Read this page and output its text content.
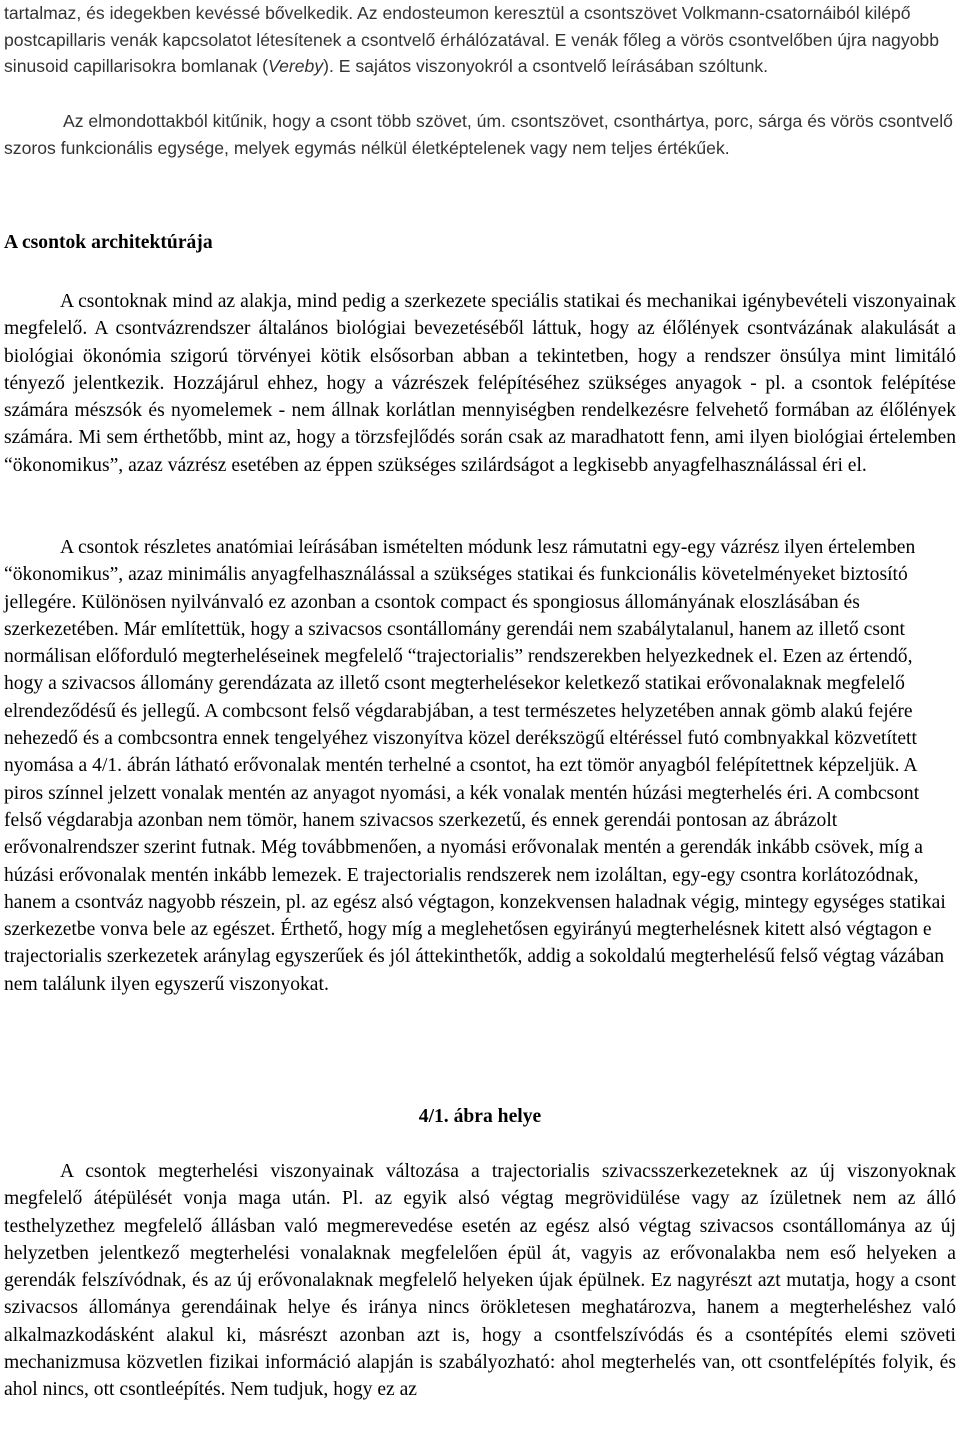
tartalmaz, és idegekben kevéssé bővelkedik. Az endosteumon keresztül a csontszövet Volkmann-csatornáiból kilépő postcapillaris venák kapcsolatot létesítenek a csontvelő érhálózatával. E venák főleg a vörös csontvelőben újra nagyobb sinusoid capillarisokra bomlanak (Vereby). E sajátos viszonyokról a csontvelő leírásában szóltunk.

Az elmondottakból kitűnik, hogy a csont több szövet, úm. csontszövet, csonthártya, porc, sárga és vörös csontvelő szoros funkcionális egysége, melyek egymás nélkül életképtelenek vagy nem teljes értékűek.

A csontok architektúrája

A csontoknak mind az alakja, mind pedig a szerkezete speciális statikai és mechanikai igénybevételi viszonyainak megfelelő. A csontvázrendszer általános biológiai bevezetéséből láttuk, hogy az élőlények csontvázának alakulását a biológiai ökonómia szigorú törvényei kötik elsősorban abban a tekintetben, hogy a rendszer önsúlya mint limitáló tényező jelentkezik. Hozzájárul ehhez, hogy a vázrészek felépítéséhez szükséges anyagok - pl. a csontok felépítése számára mészsók és nyomelemek - nem állnak korlátlan mennyiségben rendelkezésre felvehető formában az élőlények számára. Mi sem érthetőbb, mint az, hogy a törzsfejlődés során csak az maradhatott fenn, ami ilyen biológiai értelemben “ökonomikus”, azaz vázrész esetében az éppen szükséges szilárdságot a legkisebb anyagfelhasználással éri el.

A csontok részletes anatómiai leírásában ismételten módunk lesz rámutatni egy-egy vázrész ilyen értelemben “ökonomikus”, azaz minimális anyagfelhasználással a szükséges statikai és funkcionális követelményeket biztosító jellegére. Különösen nyilvánvaló ez azonban a csontok compact és spongiosus állományának eloszlásában és szerkezetében. Már említettük, hogy a szivacsos csontállomány gerendái nem szabálytalanul, hanem az illető csont normálisan előforduló megterheléseinek megfelelő “trajectorialis” rendszerekben helyezkednek el. Ezen az értendő, hogy a szivacsos állomány gerendázata az illető csont megterhelésekor keletkező statikai erővonalaknak megfelelő elrendeződésű és jellegű. A combcsont felső végdarabjában, a test természetes helyzetében annak gömb alakú fejére nehezedő és a combcsontra ennek tengelyéhez viszonyítva közel derékszögű eltéréssel futó combnyakkal közvetített nyomása a 4/1. ábrán látható erővonalak mentén terhelné a csontot, ha ezt tömör anyagból felépítettnek képzeljük. A piros színnel jelzett vonalak mentén az anyagot nyomási, a kék vonalak mentén húzási megterhelés éri. A combcsont felső végdarabja azonban nem tömör, hanem szivacsos szerkezetű, és ennek gerendái pontosan az ábrázolt erővonalrendszer szerint futnak. Még továbbmenően, a nyomási erővonalak mentén a gerendák inkább csövek, míg a húzási erővonalak mentén inkább lemezek. E trajectorialis rendszerek nem izoláltan, egy-egy csontra korlátozódnak, hanem a csontváz nagyobb részein, pl. az egész alsó végtagon, konzekvensen haladnak végig, mintegy egységes statikai szerkezetbe vonva bele az egészet. Érthető, hogy míg a meglehetősen egyirányú megterhelésnek kitett alsó végtagon e trajectorialis szerkezetek aránylag egyszerűek és jól áttekinthetők, addig a sokoldalú megterhelésű felső végtag vázában nem találunk ilyen egyszerű viszonyokat.

4/1. ábra helye

A csontok megterhelési viszonyainak változása a trajectorialis szivacsszerkezeteknek az új viszonyoknak megfelelő átépülését vonja maga után. Pl. az egyik alsó végtag megrövidülése vagy az ízületnek nem az álló testhelyzethez megfelelő állásban való megmerevedése esetén az egész alsó végtag szivacsos csontállománya az új helyzetben jelentkező megterhelési vonalaknak megfelelően épül át, vagyis az erővonalakba nem eső helyeken a gerendák felszívódnak, és az új erővonalaknak megfelelő helyeken újak épülnek. Ez nagyrészt azt mutatja, hogy a csont szivacsos állománya gerendáinak helye és iránya nincs örökletesen meghatározva, hanem a megterheléshez való alkalmazkodásként alakul ki, másrészt azonban azt is, hogy a csontfelszívódás és a csontépítés elemi szöveti mechanizmusa közvetlen fizikai információ alapján is szabályozható: ahol megterhelés van, ott csontfelépítés folyik, és ahol nincs, ott csontleépítés. Nem tudjuk, hogy ez az
